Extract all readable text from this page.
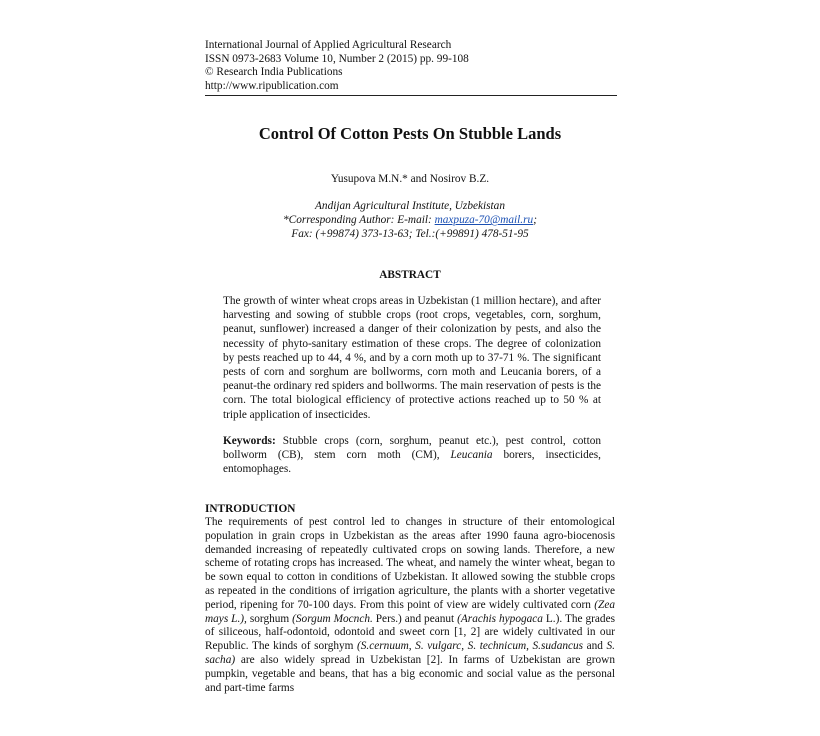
International Journal of Applied Agricultural Research
ISSN 0973-2683 Volume 10, Number 2 (2015) pp. 99-108
© Research India Publications
http://www.ripublication.com
Control Of Cotton Pests On Stubble Lands
Yusupova M.N.* and Nosirov B.Z.
Andijan Agricultural Institute, Uzbekistan
*Corresponding Author: E-mail: maxpuza-70@mail.ru;
Fax: (+99874) 373-13-63; Tel.:(+99891) 478-51-95
ABSTRACT
The growth of winter wheat crops areas in Uzbekistan (1 million hectare), and after harvesting and sowing of stubble crops (root crops, vegetables, corn, sorghum, peanut, sunflower) increased a danger of their colonization by pests, and also the necessity of phyto-sanitary estimation of these crops. The degree of colonization by pests reached up to 44, 4 %, and by a corn moth up to 37-71 %. The significant pests of corn and sorghum are bollworms, corn moth and Leucania borers, of a peanut-the ordinary red spiders and bollworms. The main reservation of pests is the corn. The total biological efficiency of protective actions reached up to 50 % at triple application of insecticides.
Keywords: Stubble crops (corn, sorghum, peanut etc.), pest control, cotton bollworm (CB), stem corn moth (CM), Leucania borers, insecticides, entomophages.
INTRODUCTION
The requirements of pest control led to changes in structure of their entomological population in grain crops in Uzbekistan as the areas after 1990 fauna agro-biocenosis demanded increasing of repeatedly cultivated crops on sowing lands. Therefore, a new scheme of rotating crops has increased. The wheat, and namely the winter wheat, began to be sown equal to cotton in conditions of Uzbekistan. It allowed sowing the stubble crops as repeated in the conditions of irrigation agriculture, the plants with a shorter vegetative period, ripening for 70-100 days. From this point of view are widely cultivated corn (Zea mays L.), sorghum (Sorgum Mocnch. Pers.) and peanut (Arachis hypogaca L.). The grades of siliceous, half-odontoid, odontoid and sweet corn [1, 2] are widely cultivated in our Republic. The kinds of sorghym (S.cernuum, S. vulgarc, S. technicum, S.sudancus and S. sacha) are also widely spread in Uzbekistan [2]. In farms of Uzbekistan are grown pumpkin, vegetable and beans, that has a big economic and social value as the personal and part-time farms
